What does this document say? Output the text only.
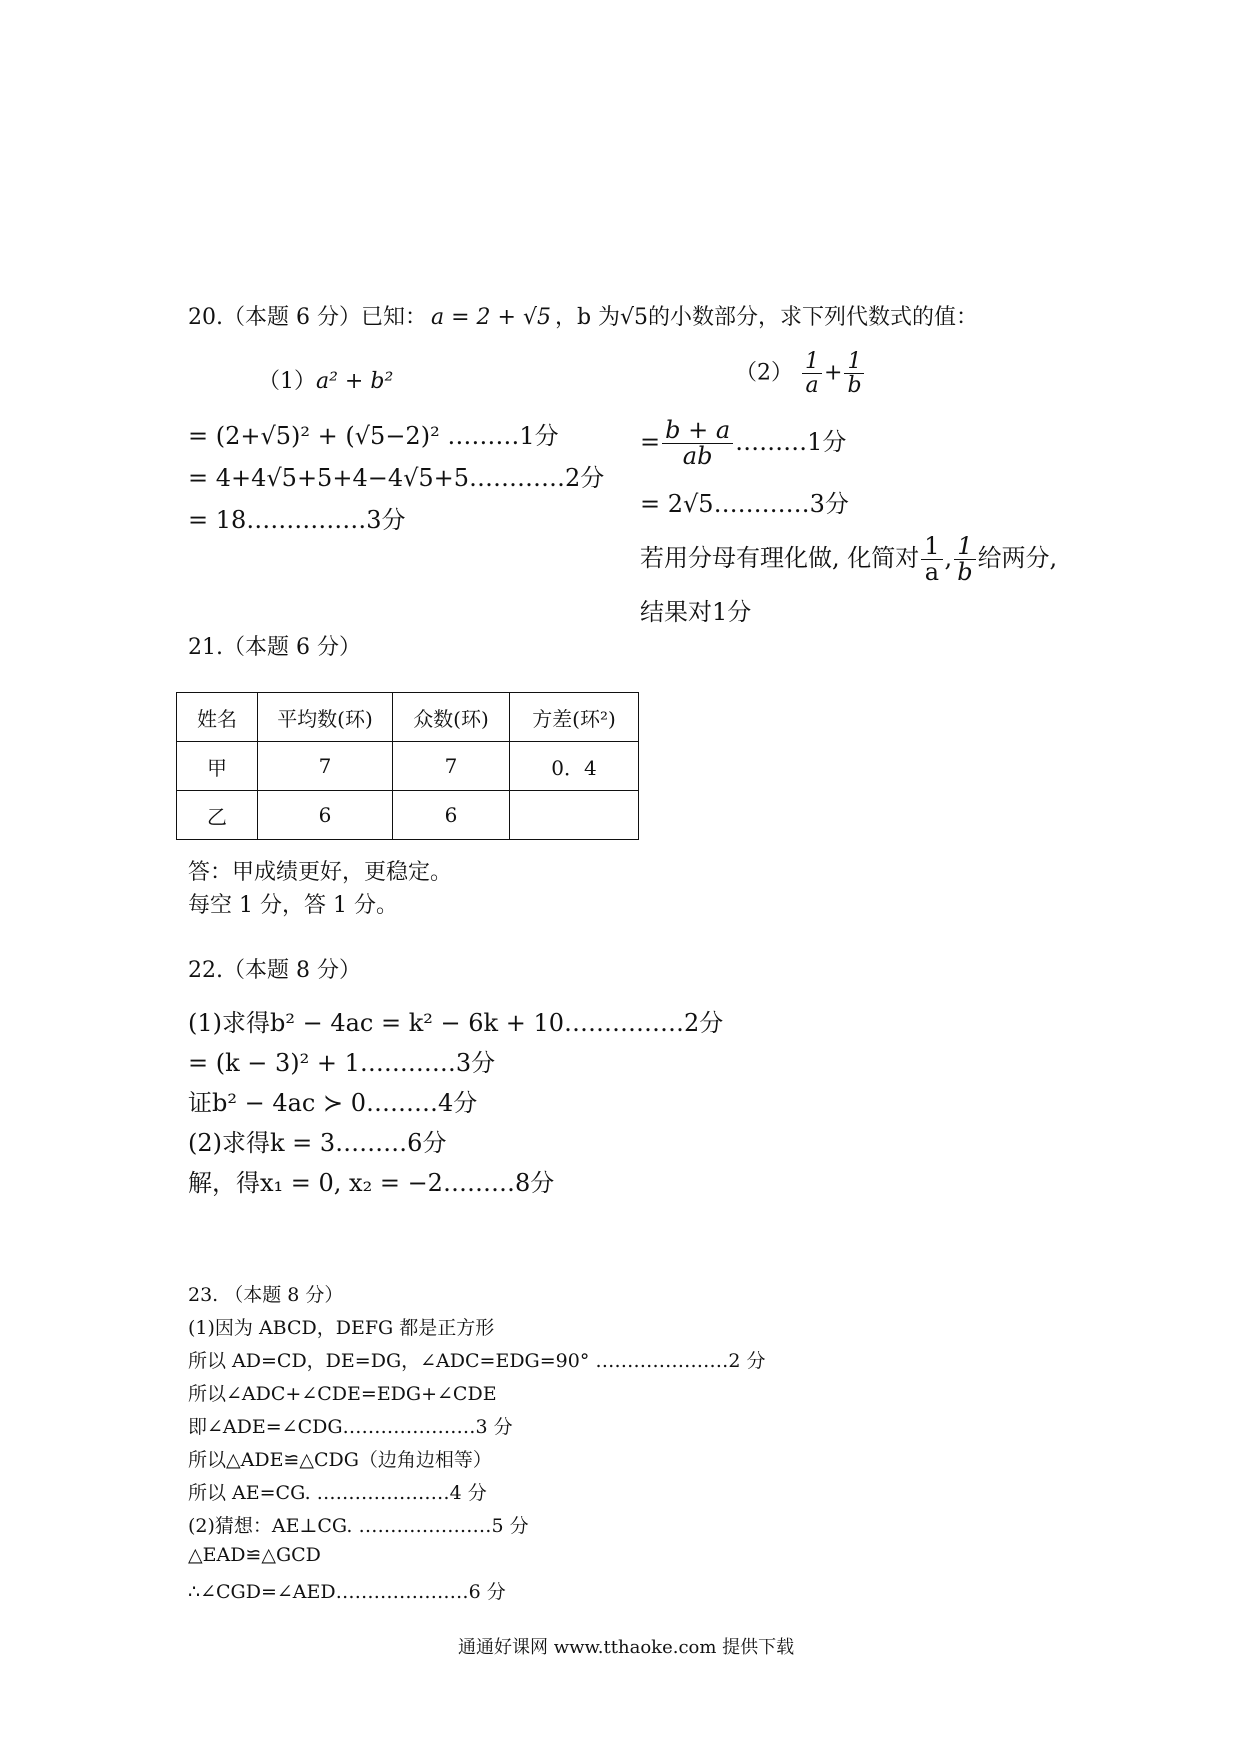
20.（本题 6 分）已知： a = 2 + √5 ，b 为√5的小数部分，求下列代数式的值：
（1）a² + b²
= (2+√5)² + (√5−2)² ………1分
= 4+4√5+5+4−4√5+5…………2分
= 18……………3分
$(2) \frac{1}{a} + \frac{1}{b}$
= $\frac{b + a}{ab}$ ………1分
= 2√5…………3分
若用分母有理化做, 化简对 $\frac{1}{a}$ , $\frac{1}{b}$ 给两分,
结果对1分
21.（本题 6 分）
姓名	平均数(环)	众数(环)	方差(环²)
甲	7	7	0．4
乙	6	6	
答：甲成绩更好，更稳定。
每空 1 分，答 1 分。
22.（本题 8 分）
(1)求得b² − 4ac = k² − 6k + 10……………2分
= (k − 3)² + 1…………3分
证b² − 4ac ≻ 0………4分
(2)求得k = 3………6分
解，得x₁ = 0, x₂ = −2………8分
23. （本题 8 分）
(1)因为 ABCD，DEFG 都是正方形
所以 AD=CD，DE=DG，∠ADC=EDG=90° …………………2 分
所以∠ADC+∠CDE=EDG+∠CDE
即∠ADE=∠CDG…………………3 分
所以△ADE≌△CDG（边角边相等）
所以 AE=CG. …………………4 分
(2)猜想：AE⊥CG. …………………5 分
△EAD≌△GCD
∴∠CGD=∠AED…………………6 分
通通好课网 www.tthaoke.com 提供下载
